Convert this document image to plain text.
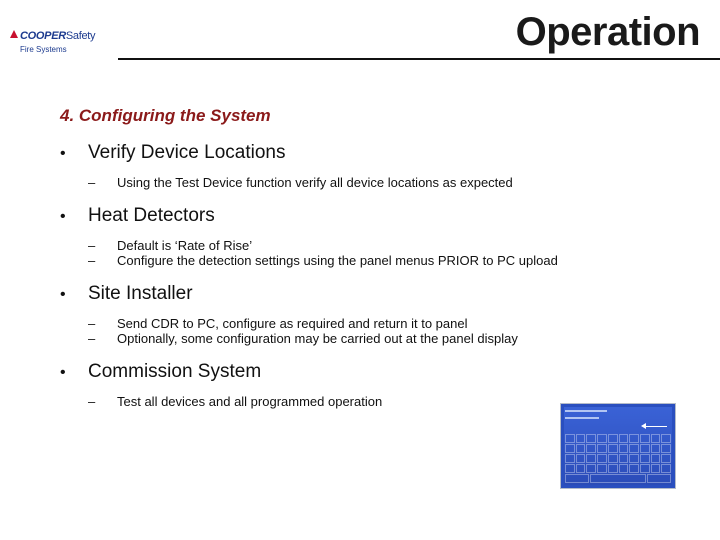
COOPERSafety
Fire Systems	Operation
4. Configuring the System
•	Verify Device Locations
–	Using the Test Device function verify all device locations as expected
•	Heat Detectors
–	Default is ‘Rate of Rise’
–	Configure the detection settings using the panel menus PRIOR to PC upload
•	Site Installer
–	Send CDR to PC, configure as required and return it to panel
–	Optionally, some configuration may be carried out at the panel display
•	Commission System
–	Test all devices and all programmed operation
